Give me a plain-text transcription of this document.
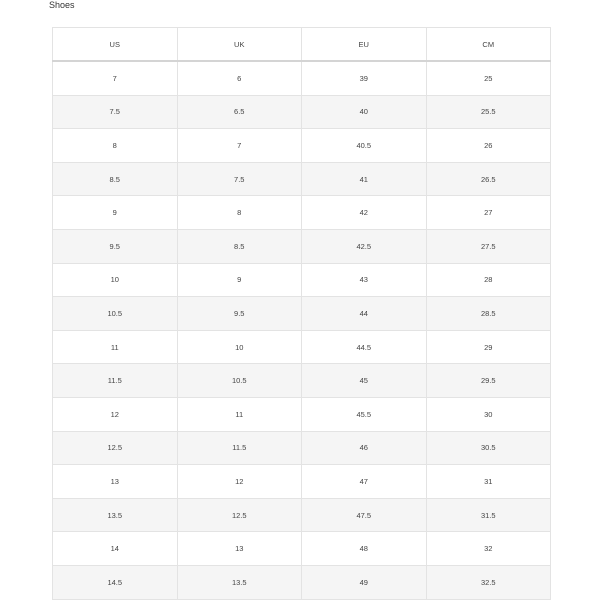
Shoes
US	UK	EU	CM
7	6	39	25
7.5	6.5	40	25.5
8	7	40.5	26
8.5	7.5	41	26.5
9	8	42	27
9.5	8.5	42.5	27.5
10	9	43	28
10.5	9.5	44	28.5
11	10	44.5	29
11.5	10.5	45	29.5
12	11	45.5	30
12.5	11.5	46	30.5
13	12	47	31
13.5	12.5	47.5	31.5
14	13	48	32
14.5	13.5	49	32.5
